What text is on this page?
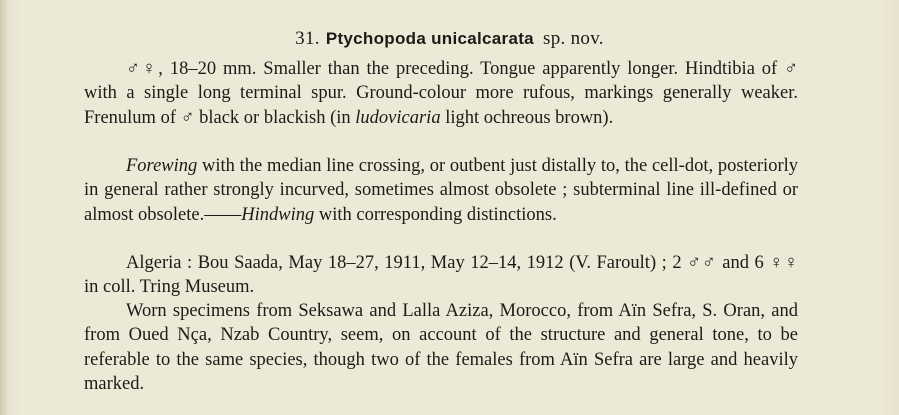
31. Ptychopoda unicalcarata sp. nov.

♂♀, 18–20 mm. Smaller than the preceding. Tongue apparently longer. Hindtibia of ♂ with a single long terminal spur. Ground-colour more rufous, markings generally weaker. Frenulum of ♂ black or blackish (in ludovicaria light ochreous brown).

Forewing with the median line crossing, or outbent just distally to, the cell-dot, posteriorly in general rather strongly incurved, sometimes almost obsolete ; subterminal line ill-defined or almost obsolete.——Hindwing with corresponding distinctions.

Algeria : Bou Saada, May 18–27, 1911, May 12–14, 1912 (V. Faroult) ; 2 ♂♂ and 6 ♀♀ in coll. Tring Museum.

Worn specimens from Seksawa and Lalla Aziza, Morocco, from Aïn Sefra, S. Oran, and from Oued Nçа, Nzab Country, seem, on account of the structure and general tone, to be referable to the same species, though two of the females from Aïn Sefra are large and heavily marked.
